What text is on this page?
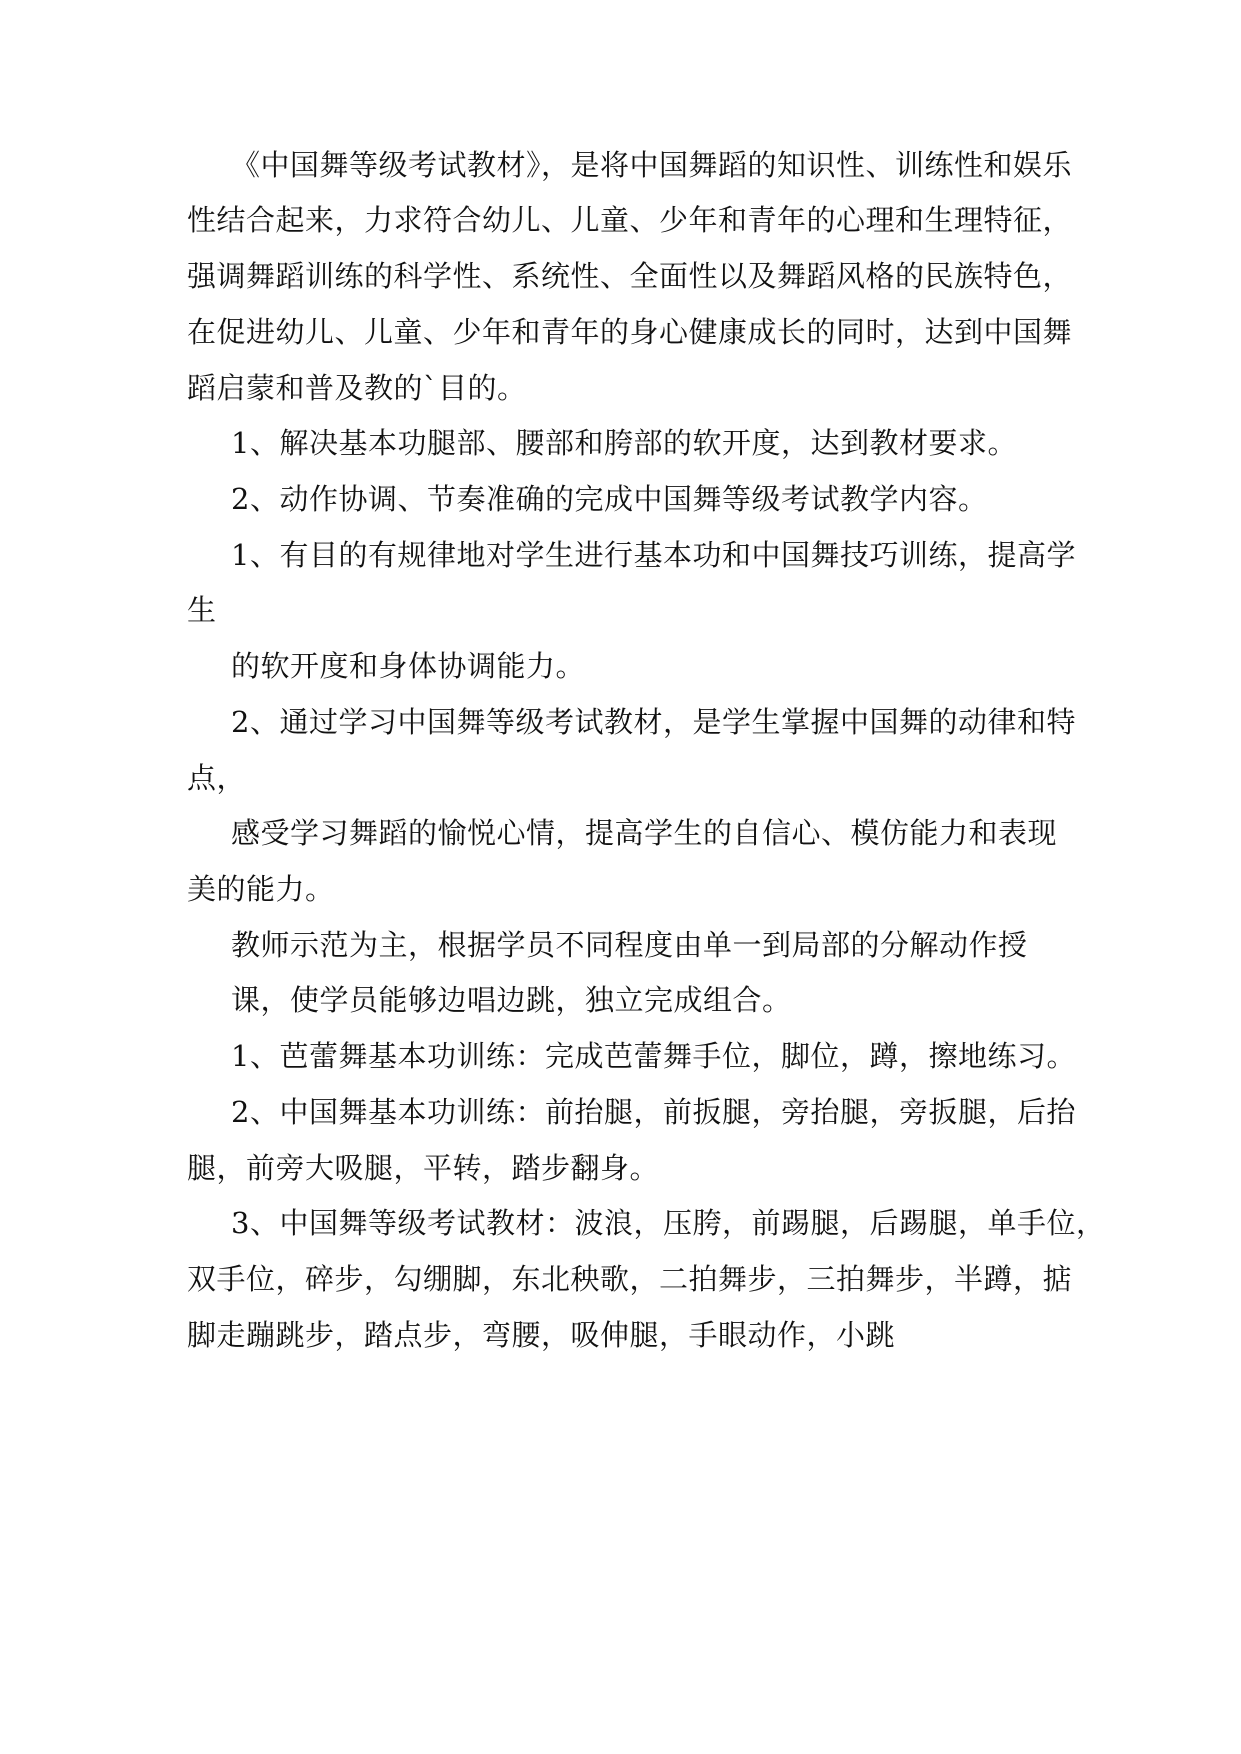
《中国舞等级考试教材》，是将中国舞蹈的知识性、训练性和娱乐
性结合起来，力求符合幼儿、儿童、少年和青年的心理和生理特征，
强调舞蹈训练的科学性、系统性、全面性以及舞蹈风格的民族特色，
在促进幼儿、儿童、少年和青年的身心健康成长的同时，达到中国舞
蹈启蒙和普及教的`目的。
1、解决基本功腿部、腰部和胯部的软开度，达到教材要求。
2、动作协调、节奏准确的完成中国舞等级考试教学内容。
1、有目的有规律地对学生进行基本功和中国舞技巧训练，提高学
生
的软开度和身体协调能力。
2、通过学习中国舞等级考试教材，是学生掌握中国舞的动律和特
点，
感受学习舞蹈的愉悦心情，提高学生的自信心、模仿能力和表现
美的能力。
教师示范为主，根据学员不同程度由单一到局部的分解动作授
课，使学员能够边唱边跳，独立完成组合。
1、芭蕾舞基本功训练：完成芭蕾舞手位，脚位，蹲，擦地练习。
2、中国舞基本功训练：前抬腿，前扳腿，旁抬腿，旁扳腿，后抬
腿，前旁大吸腿，平转，踏步翻身。
3、中国舞等级考试教材：波浪，压胯，前踢腿，后踢腿，单手位，
双手位，碎步，勾绷脚，东北秧歌，二拍舞步，三拍舞步，半蹲，掂
脚走蹦跳步，踏点步，弯腰，吸伸腿，手眼动作，小跳
